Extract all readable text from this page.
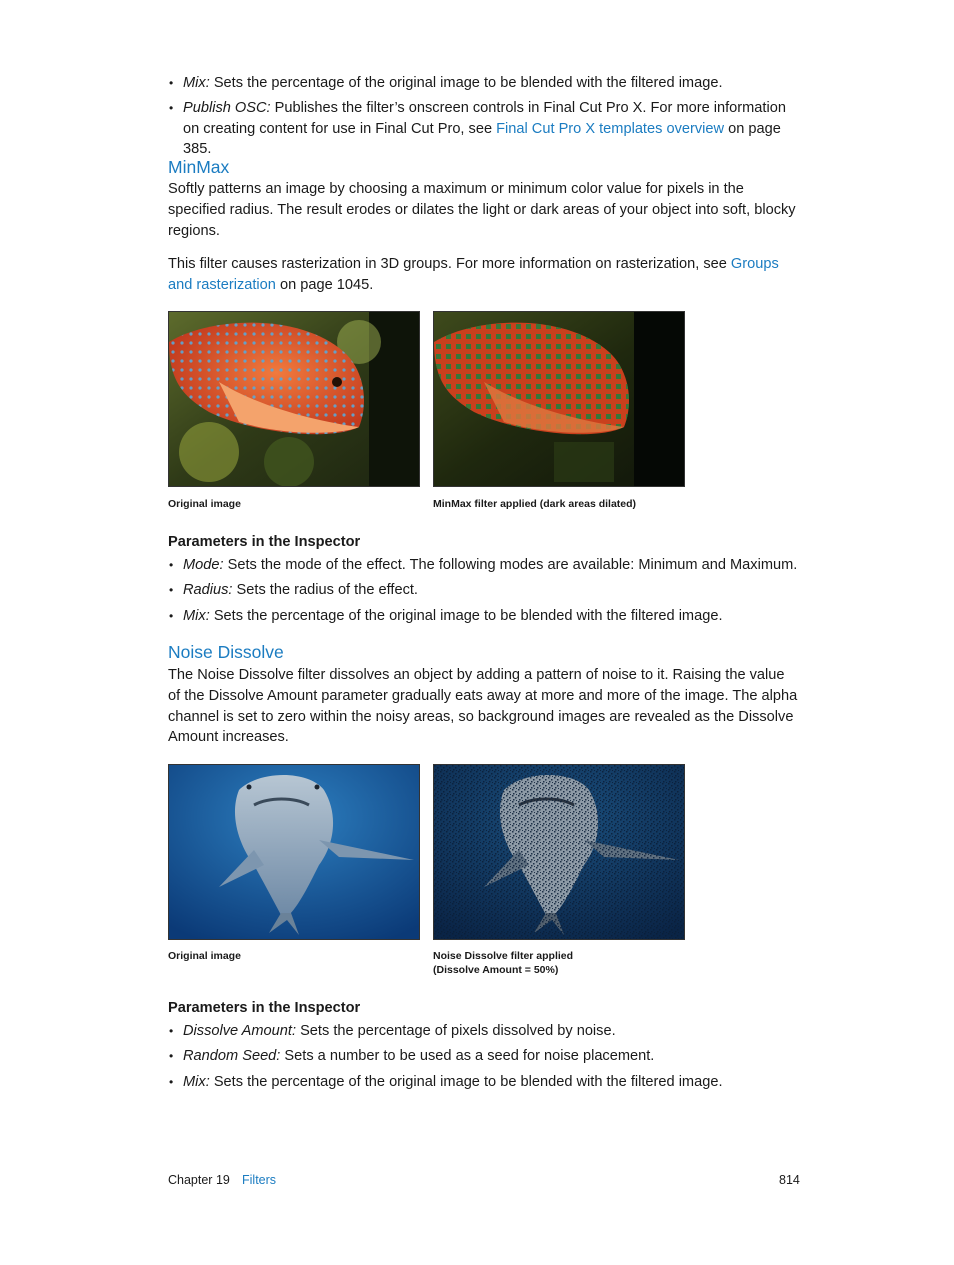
• Mix: Sets the percentage of the original image to be blended with the filtered image.
• Publish OSC: Publishes the filter’s onscreen controls in Final Cut Pro X. For more information on creating content for use in Final Cut Pro, see Final Cut Pro X templates overview on page 385.
MinMax

Softly patterns an image by choosing a maximum or minimum color value for pixels in the specified radius. The result erodes or dilates the light or dark areas of your object into soft, blocky regions.

This filter causes rasterization in 3D groups. For more information on rasterization, see Groups and rasterization on page 1045.

Original image	MinMax filter applied (dark areas dilated)
Parameters in the Inspector
• Mode: Sets the mode of the effect. The following modes are available: Minimum and Maximum.
• Radius: Sets the radius of the effect.
• Mix: Sets the percentage of the original image to be blended with the filtered image.
Noise Dissolve

The Noise Dissolve filter dissolves an object by adding a pattern of noise to it. Raising the value of the Dissolve Amount parameter gradually eats away at more and more of the image. The alpha channel is set to zero within the noisy areas, so background images are revealed as the Dissolve Amount increases.

Original image	Noise Dissolve filter applied
(Dissolve Amount = 50%)
Parameters in the Inspector
• Dissolve Amount: Sets the percentage of pixels dissolved by noise.
• Random Seed: Sets a number to be used as a seed for noise placement.
• Mix: Sets the percentage of the original image to be blended with the filtered image.
Chapter 19 Filters	814
